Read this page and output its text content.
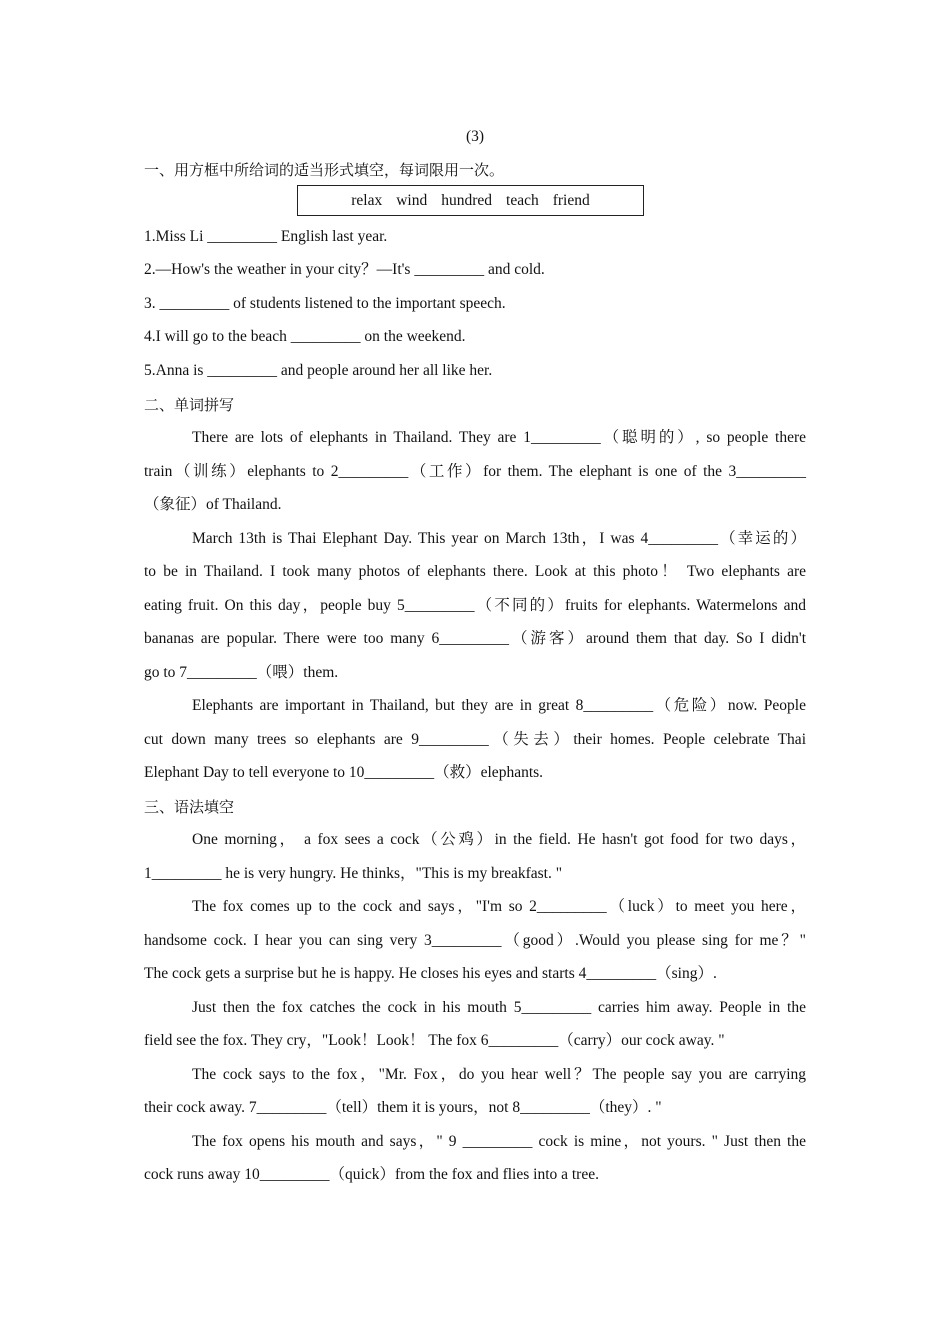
(3)
一、用方框中所给词的适当形式填空，每词限用一次。
relax wind hundred teach friend
1.Miss Li _________ English last year.
2.—How's the weather in your city？—It's _________ and cold.
3. _________ of students listened to the important speech.
4.I will go to the beach _________ on the weekend.
5.Anna is _________ and people around her all like her.
二、单词拼写
There are lots of elephants in Thailand. They are 1_________（聪明的）, so people there
train（训练）elephants to 2_________（工作）for them. The elephant is one of the 3_________
（象征）of Thailand.
March 13th is Thai Elephant Day. This year on March 13th，I was 4_________（幸运的）
to be in Thailand. I took many photos of elephants there. Look at this photo！ Two elephants are
eating fruit. On this day，people buy 5_________（不同的）fruits for elephants. Watermelons and
bananas are popular. There were too many 6_________（游客）around them that day. So I didn't
go to 7_________（喂）them.
Elephants are important in Thailand, but they are in great 8_________（危险）now. People
cut down many trees so elephants are 9_________（失去）their homes. People celebrate Thai
Elephant Day to tell everyone to 10_________（救）elephants.
三、语法填空
One morning， a fox sees a cock（公鸡）in the field. He hasn't got food for two days，
1_________ he is very hungry. He thinks，"This is my breakfast. "
The fox comes up to the cock and says，"I'm so 2_________（luck）to meet you here，
handsome cock. I hear you can sing very 3_________（good）.Would you please sing for me？"
The cock gets a surprise but he is happy. He closes his eyes and starts 4_________（sing）.
Just then the fox catches the cock in his mouth 5_________ carries him away. People in the
field see the fox. They cry，"Look！Look！ The fox 6_________（carry）our cock away. "
The cock says to the fox，"Mr. Fox，do you hear well？The people say you are carrying
their cock away. 7_________（tell）them it is yours，not 8_________（they）. "
The fox opens his mouth and says，" 9 _________ cock is mine，not yours. " Just then the
cock runs away 10_________（quick）from the fox and flies into a tree.
